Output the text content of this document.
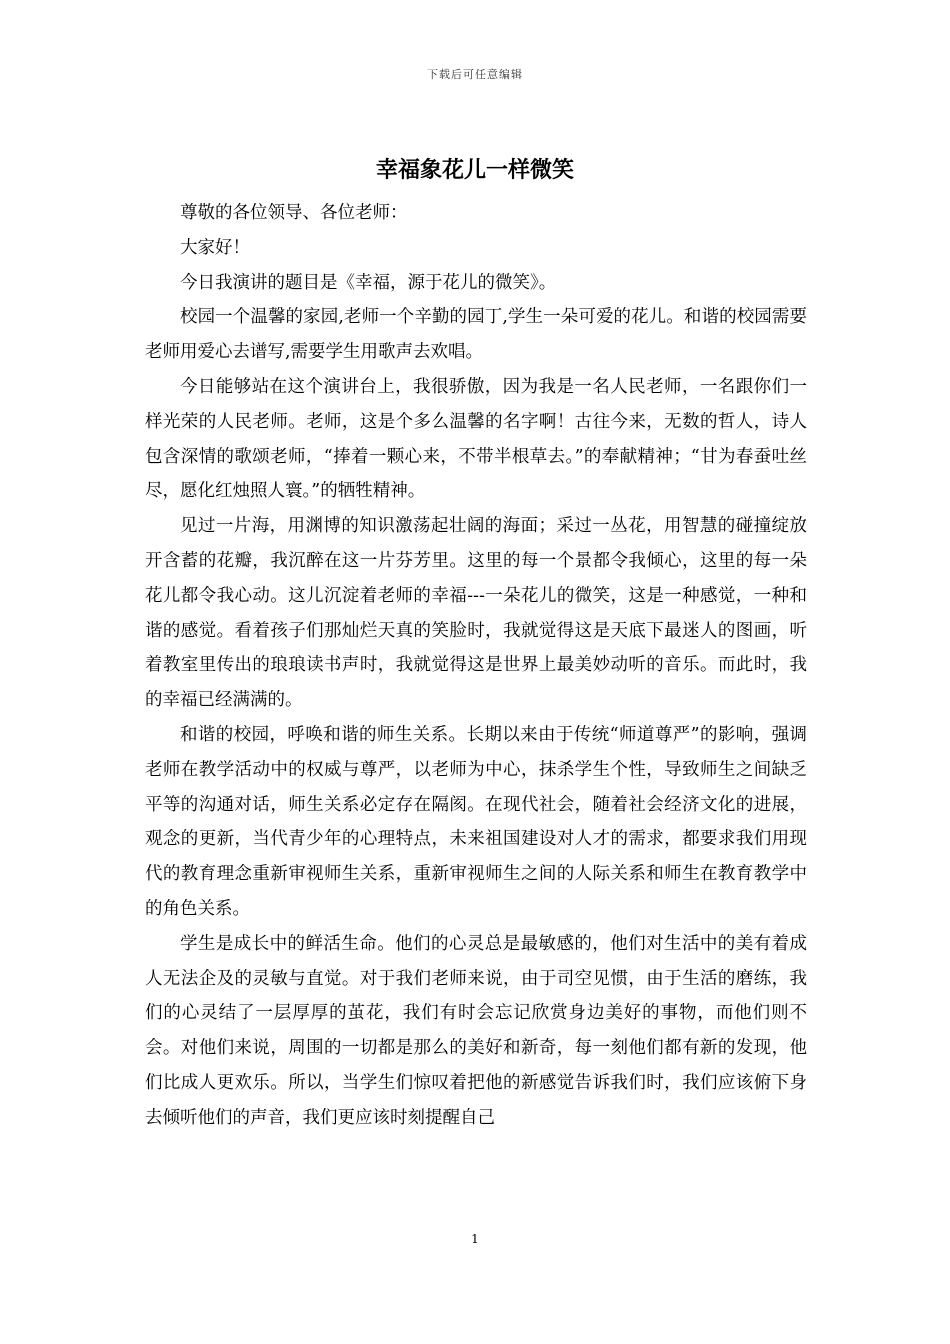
下载后可任意编辑
幸福象花儿一样微笑

尊敬的各位领导、各位老师：

大家好！

今日我演讲的题目是《幸福，源于花儿的微笑》。

校园一个温馨的家园,老师一个辛勤的园丁,学生一朵可爱的花儿。和谐的校园需要老师用爱心去谱写,需要学生用歌声去欢唱。

今日能够站在这个演讲台上，我很骄傲，因为我是一名人民老师，一名跟你们一样光荣的人民老师。老师，这是个多么温馨的名字啊！古往今来，无数的哲人，诗人包含深情的歌颂老师，“捧着一颗心来，不带半根草去。”的奉献精神；“甘为春蚕吐丝尽，愿化红烛照人寰。”的牺牲精神。

见过一片海，用渊博的知识激荡起壮阔的海面；采过一丛花，用智慧的碰撞绽放开含蓄的花瓣，我沉醉在这一片芬芳里。这里的每一个景都令我倾心，这里的每一朵花儿都令我心动。这儿沉淀着老师的幸福---一朵花儿的微笑，这是一种感觉，一种和谐的感觉。看着孩子们那灿烂天真的笑脸时，我就觉得这是天底下最迷人的图画，听着教室里传出的琅琅读书声时，我就觉得这是世界上最美妙动听的音乐。而此时，我的幸福已经满满的。

和谐的校园，呼唤和谐的师生关系。长期以来由于传统“师道尊严”的影响，强调老师在教学活动中的权威与尊严，以老师为中心，抹杀学生个性，导致师生之间缺乏平等的沟通对话，师生关系必定存在隔阂。在现代社会，随着社会经济文化的进展，观念的更新，当代青少年的心理特点，未来祖国建设对人才的需求，都要求我们用现代的教育理念重新审视师生关系，重新审视师生之间的人际关系和师生在教育教学中的角色关系。

学生是成长中的鲜活生命。他们的心灵总是最敏感的，他们对生活中的美有着成人无法企及的灵敏与直觉。对于我们老师来说，由于司空见惯，由于生活的磨练，我们的心灵结了一层厚厚的茧花，我们有时会忘记欣赏身边美好的事物，而他们则不会。对他们来说，周围的一切都是那么的美好和新奇，每一刻他们都有新的发现，他们比成人更欢乐。所以，当学生们惊叹着把他的新感觉告诉我们时，我们应该俯下身去倾听他们的声音，我们更应该时刻提醒自己

1
